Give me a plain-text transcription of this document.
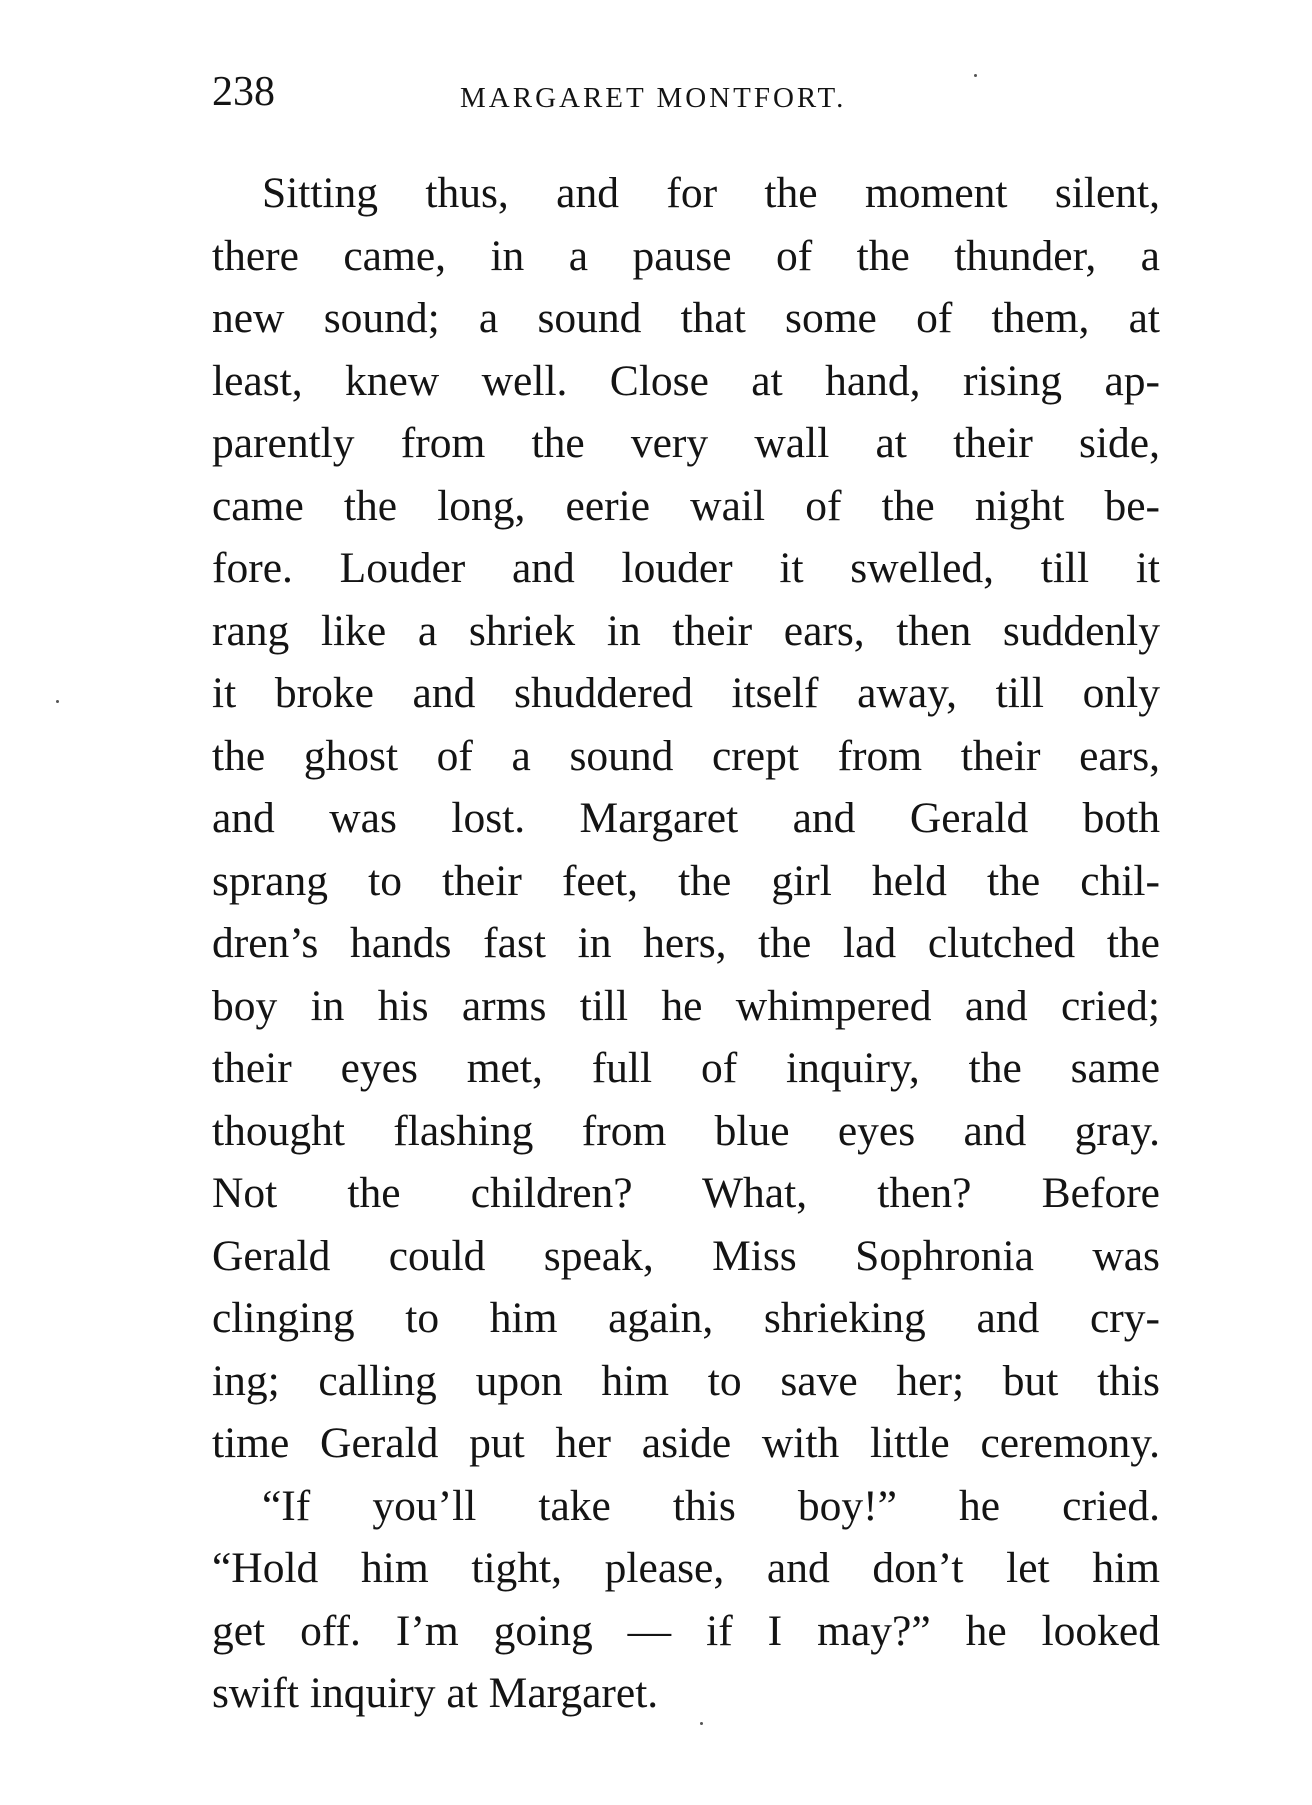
238	MARGARET MONTFORT.
Sitting thus, and for the moment silent,
there came, in a pause of the thunder, a
new sound; a sound that some of them, at
least, knew well. Close at hand, rising ap-
parently from the very wall at their side,
came the long, eerie wail of the night be-
fore. Louder and louder it swelled, till it
rang like a shriek in their ears, then suddenly
it broke and shuddered itself away, till only
the ghost of a sound crept from their ears,
and was lost. Margaret and Gerald both
sprang to their feet, the girl held the chil-
dren’s hands fast in hers, the lad clutched the
boy in his arms till he whimpered and cried;
their eyes met, full of inquiry, the same
thought flashing from blue eyes and gray.
Not the children? What, then? Before
Gerald could speak, Miss Sophronia was
clinging to him again, shrieking and cry-
ing; calling upon him to save her; but this
time Gerald put her aside with little ceremony.
“If you’ll take this boy!” he cried.
“Hold him tight, please, and don’t let him
get off. I’m going — if I may?” he looked
swift inquiry at Margaret.
